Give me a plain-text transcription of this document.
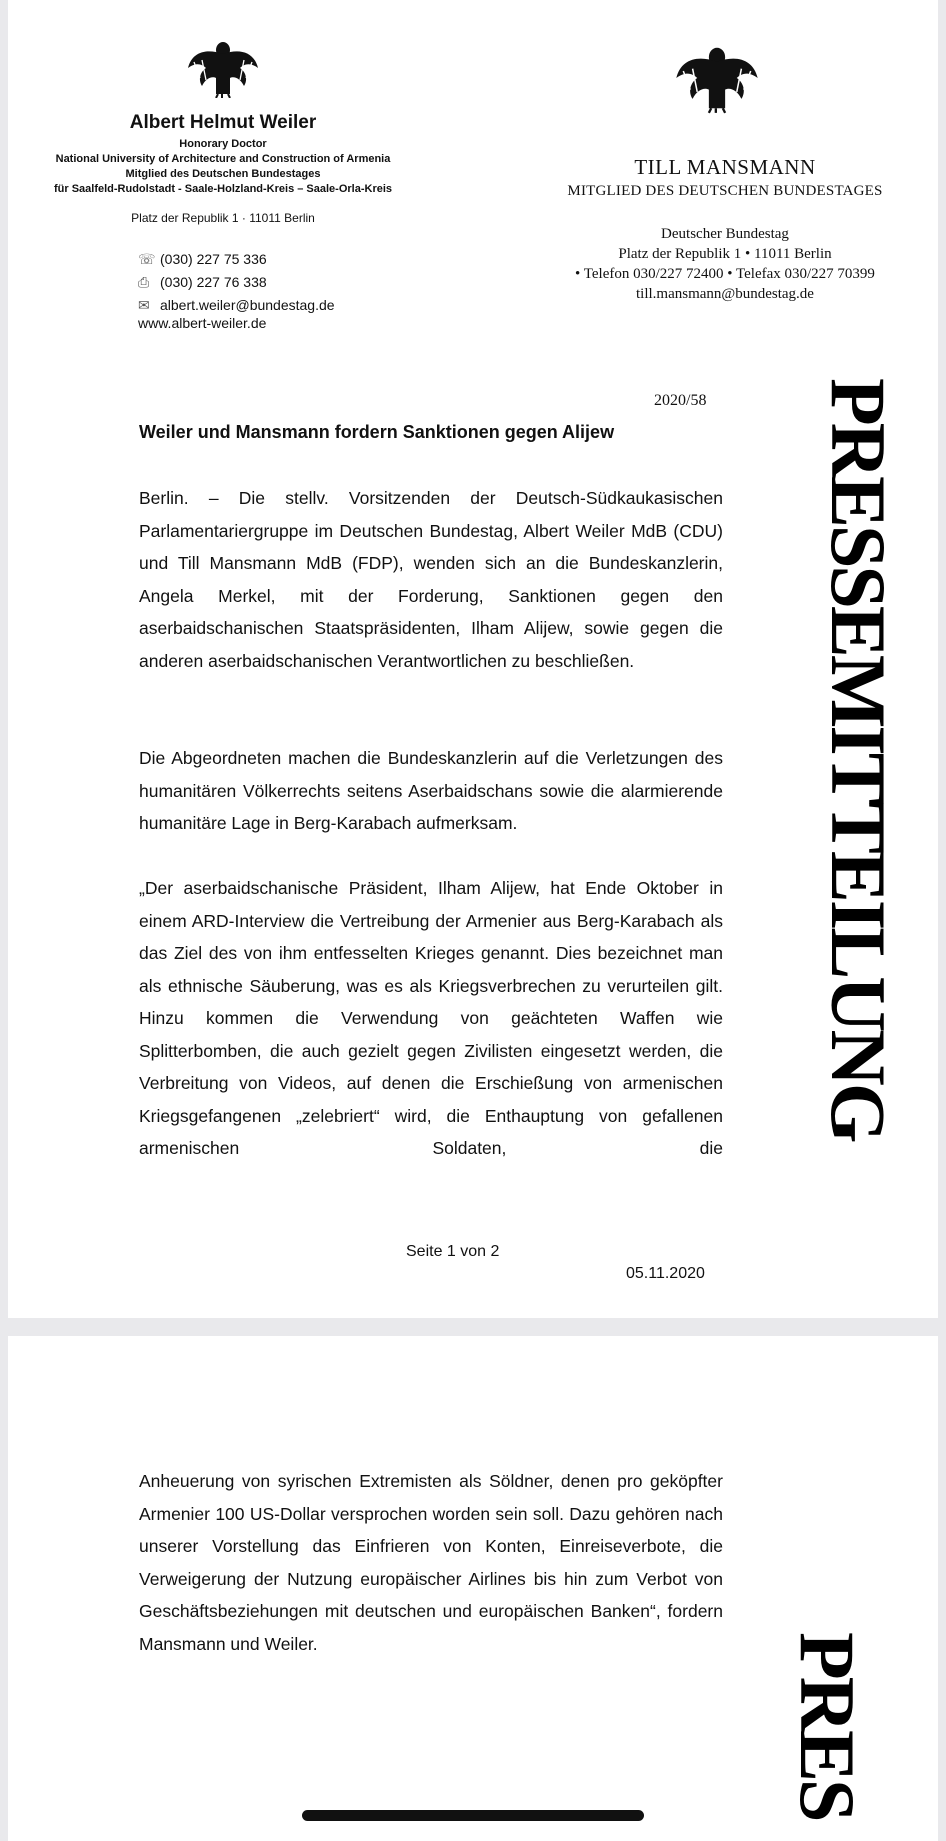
Albert Helmut Weiler
Honorary Doctor
National University of Architecture and Construction of Armenia
Mitglied des Deutschen Bundestages
für Saalfeld-Rudolstadt - Saale-Holzland-Kreis – Saale-Orla-Kreis
Platz der Republik 1 · 11011 Berlin
☏ (030) 227 75 336
⎙ (030) 227 76 338
✉ albert.weiler@bundestag.de
www.albert-weiler.de
TILL MANSMANN
MITGLIED DES DEUTSCHEN BUNDESTAGES
Deutscher Bundestag
Platz der Republik 1 • 11011 Berlin
• Telefon 030/227 72400 • Telefax 030/227 70399
till.mansmann@bundestag.de
2020/58
Weiler und Mansmann fordern Sanktionen gegen Alijew
Berlin. – Die stellv. Vorsitzenden der Deutsch-Südkaukasischen Parlamentariergruppe im Deutschen Bundestag, Albert Weiler MdB (CDU) und Till Mansmann MdB (FDP), wenden sich an die Bundeskanzlerin, Angela Merkel, mit der Forderung, Sanktionen gegen den aserbaidschanischen Staatspräsidenten, Ilham Alijew, sowie gegen die anderen aserbaidschanischen Verantwortlichen zu beschließen.
Die Abgeordneten machen die Bundeskanzlerin auf die Verletzungen des humanitären Völkerrechts seitens Aserbaidschans sowie die alarmierende humanitäre Lage in Berg-Karabach aufmerksam.
„Der aserbaidschanische Präsident, Ilham Alijew, hat Ende Oktober in einem ARD-Interview die Vertreibung der Armenier aus Berg-Karabach als das Ziel des von ihm entfesselten Krieges genannt. Dies bezeichnet man als ethnische Säuberung, was es als Kriegsverbrechen zu verurteilen gilt. Hinzu kommen die Verwendung von geächteten Waffen wie Splitterbomben, die auch gezielt gegen Zivilisten eingesetzt werden, die Verbreitung von Videos, auf denen die Erschießung von armenischen Kriegsgefangenen „zelebriert“ wird, die Enthauptung von gefallenen armenischen Soldaten, die
Seite 1 von 2
05.11.2020
PRESSEMITTEILUNG
Anheuerung von syrischen Extremisten als Söldner, denen pro geköpfter Armenier 100 US-Dollar versprochen worden sein soll. Dazu gehören nach unserer Vorstellung das Einfrieren von Konten, Einreiseverbote, die Verweigerung der Nutzung europäischer Airlines bis hin zum Verbot von Geschäftsbeziehungen mit deutschen und europäischen Banken“, fordern Mansmann und Weiler.	PRES
